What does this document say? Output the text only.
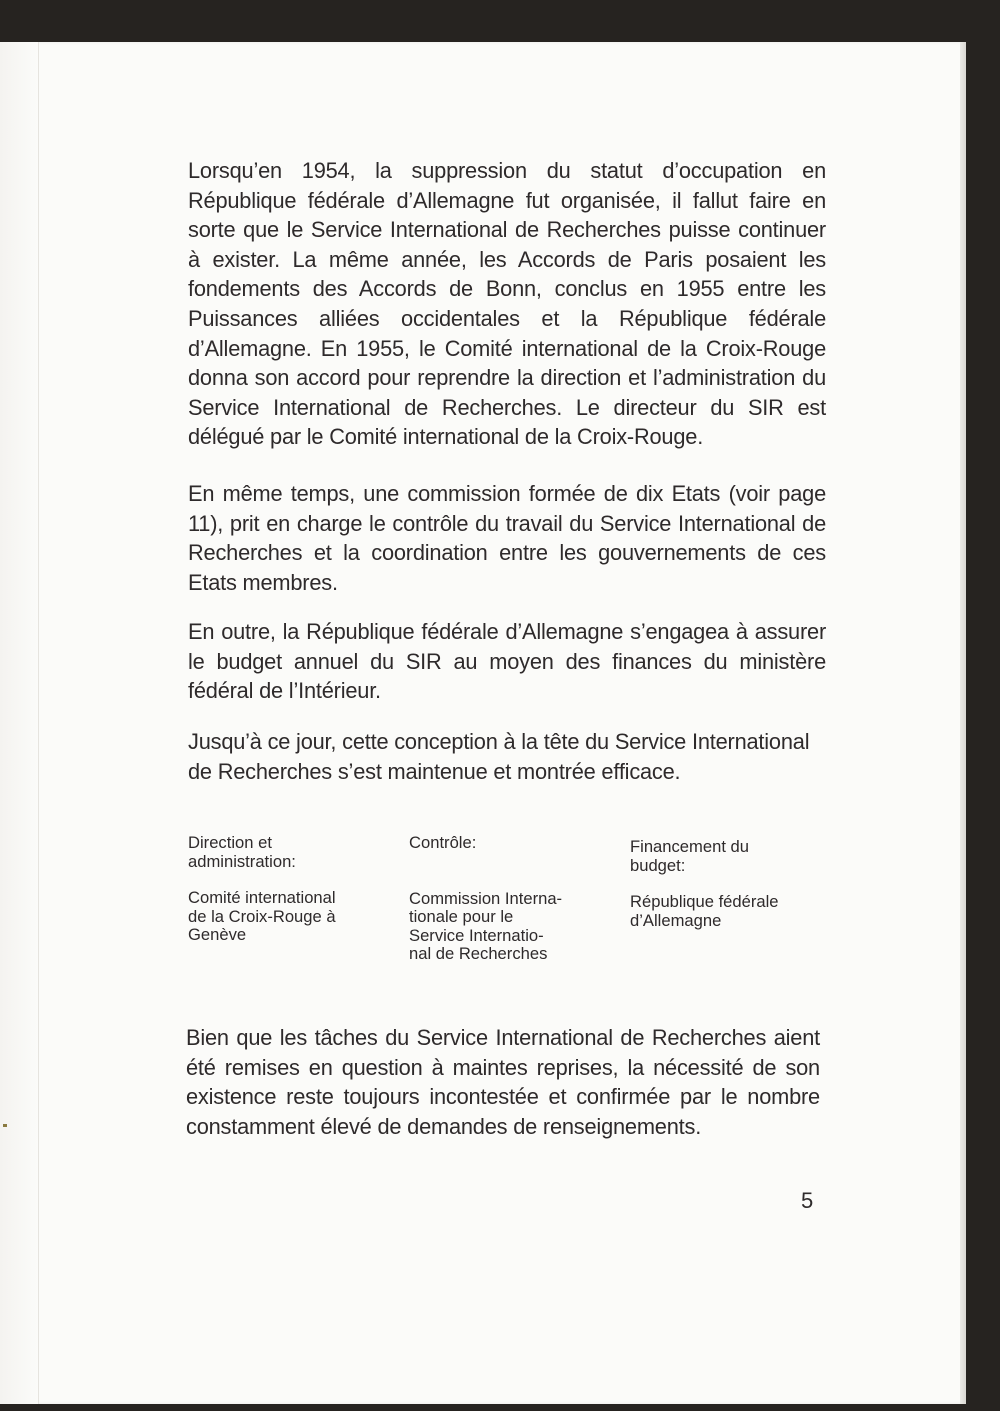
Lorsqu’en 1954, la suppression du statut d’occupation en République fédérale d’Allemagne fut organisée, il fallut faire en sorte que le Service International de Recherches puisse continuer à exister. La même année, les Accords de Paris posaient les fondements des Accords de Bonn, conclus en 1955 entre les Puissances alliées occidentales et la République fédérale d’Allemagne. En 1955, le Comité international de la Croix-Rouge donna son accord pour reprendre la direction et l’administration du Service International de Recherches. Le directeur du SIR est délégué par le Comité international de la Croix-Rouge.

En même temps, une commission formée de dix Etats (voir page 11), prit en charge le contrôle du travail du Service International de Recherches et la coordination entre les gouvernements de ces Etats membres.

En outre, la République fédérale d’Allemagne s’engagea à assurer le budget annuel du SIR au moyen des finances du ministère fédéral de l’Intérieur.

Jusqu’à ce jour, cette conception à la tête du Service International de Recherches s’est maintenue et montrée efficace.

Direction et
administration:

Comité international
de la Croix-Rouge à
Genève

Contrôle:

Commission Interna-
tionale pour le
Service Internatio-
nal de Recherches

Financement du
budget:

République fédérale
d’Allemagne

Bien que les tâches du Service International de Recherches aient été remises en question à maintes reprises, la nécessité de son existence reste toujours incontestée et confirmée par le nombre constamment élevé de demandes de renseignements.

5
